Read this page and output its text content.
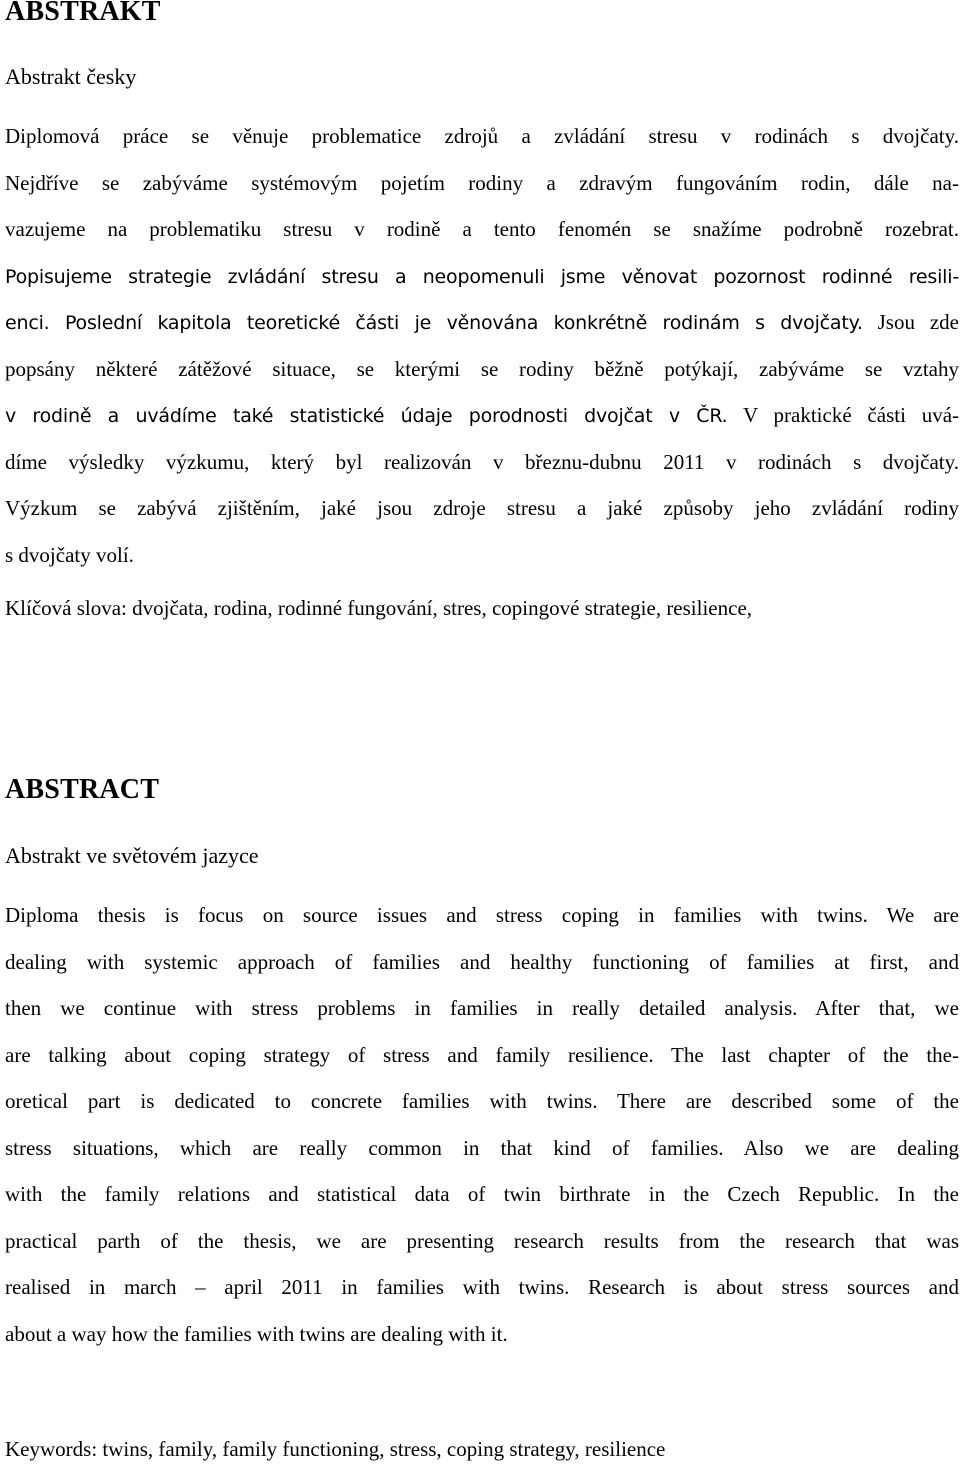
ABSTRAKT

Abstrakt česky

Diplomová práce se věnuje problematice zdrojů a zvládání stresu v rodinách s dvojčaty.
Nejdříve se zabýváme systémovým pojetím rodiny a zdravým fungováním rodin, dále na-
vazujeme na problematiku stresu v rodině a tento fenomén se snažíme podrobně rozebrat.
Popisujeme strategie zvládání stresu a neopomenuli jsme věnovat pozornost rodinné resili-
enci. Poslední kapitola teoretické části je věnována konkrétně rodinám s dvojčaty. Jsou zde
popsány některé zátěžové situace, se kterými se rodiny běžně potýkají, zabýváme se vztahy
v rodině a uvádíme také statistické údaje porodnosti dvojčat v ČR. V praktické části uvá-
díme výsledky výzkumu, který byl realizován v březnu-dubnu 2011 v rodinách s dvojčaty.
Výzkum se zabývá zjištěním, jaké jsou zdroje stresu a jaké způsoby jeho zvládání rodiny
s dvojčaty volí.

Klíčová slova: dvojčata, rodina, rodinné fungování, stres, copingové strategie, resilience,

ABSTRACT

Abstrakt ve světovém jazyce

Diploma thesis is focus on source issues and stress coping in families with twins. We are
dealing with systemic approach of families and healthy functioning of families at first, and
then we continue with stress problems in families in really detailed analysis. After that, we
are talking about coping strategy of stress and family resilience. The last chapter of the the-
oretical part is dedicated to concrete families with twins. There are described some of the
stress situations, which are really common in that kind of families. Also we are dealing
with the family relations and statistical data of twin birthrate in the Czech Republic. In the
practical parth of the thesis, we are presenting research results from the research that was
realised in march – april 2011 in families with twins. Research is about stress sources and
about a way how the families with twins are dealing with it.

Keywords: twins, family, family functioning, stress, coping strategy, resilience
